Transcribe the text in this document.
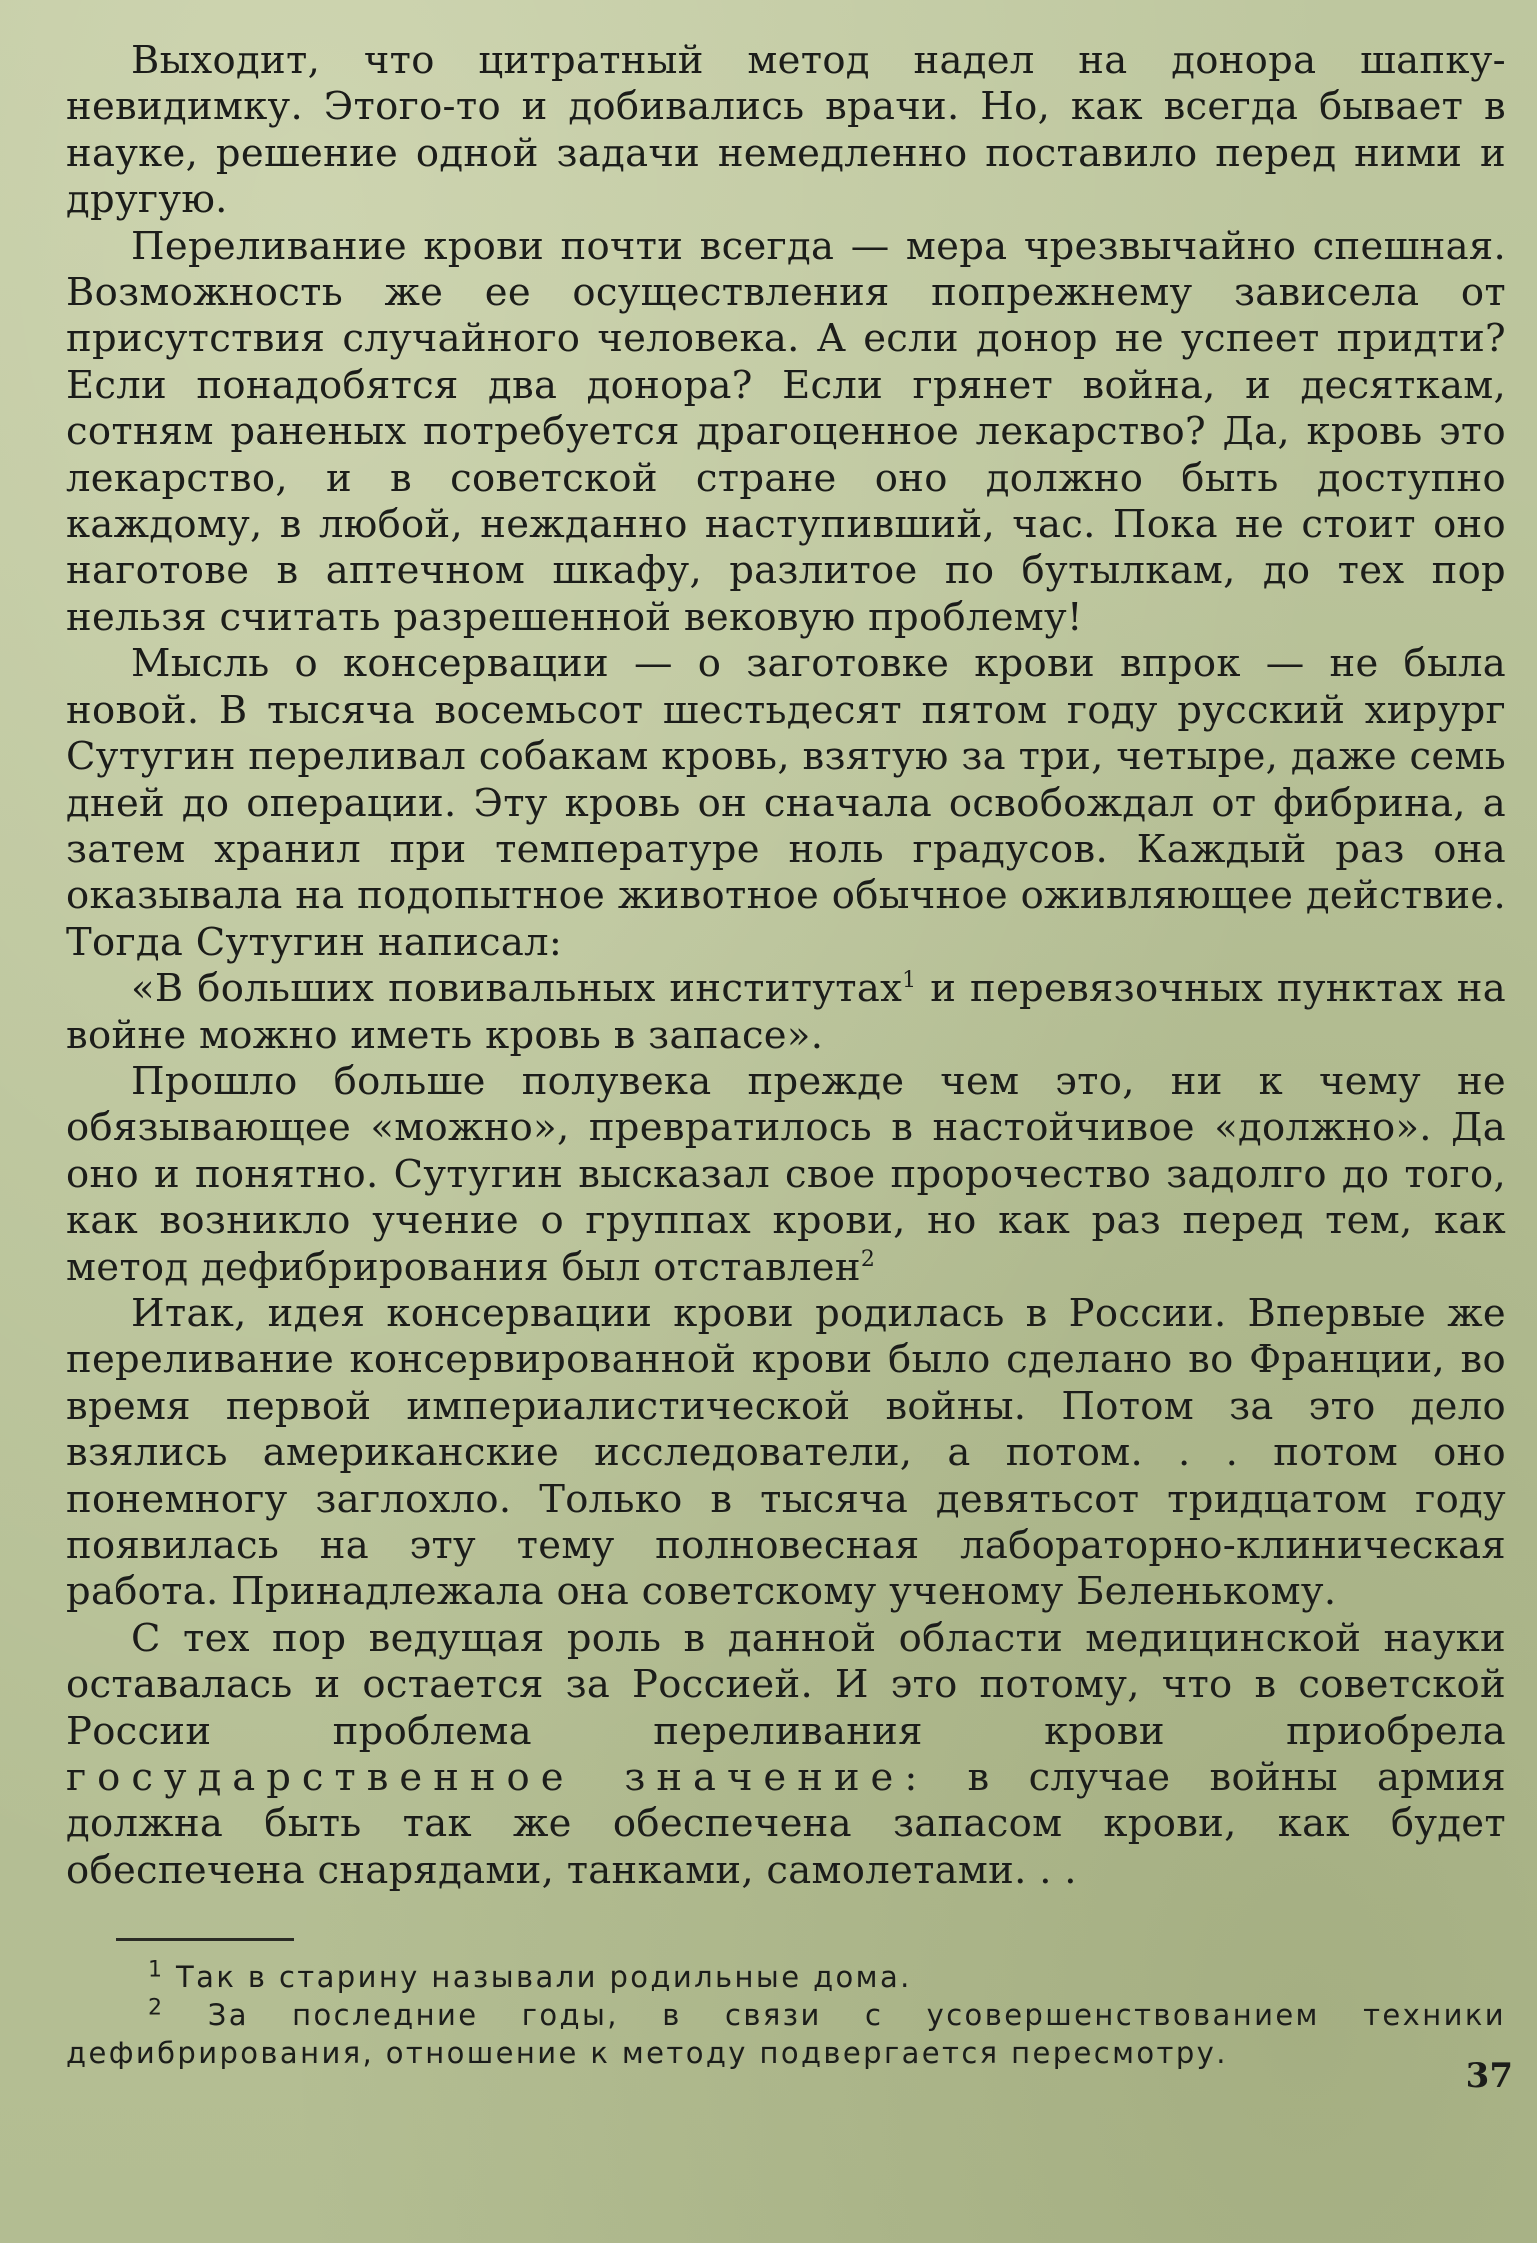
Выходит, что цитратный метод надел на донора шапку-невидимку. Этого-то и добивались врачи. Но, как всегда бывает в науке, решение одной задачи немедленно поставило перед ними и другую.

Переливание крови почти всегда — мера чрезвычайно спешная. Возможность же ее осуществления попрежнему зависела от присутствия случайного человека. А если донор не успеет придти? Если понадобятся два донора? Если грянет война, и десяткам, сотням раненых потребуется драгоценное лекарство? Да, кровь это лекарство, и в советской стране оно должно быть доступно каждому, в любой, нежданно наступивший, час. Пока не стоит оно наготове в аптечном шкафу, разлитое по бутылкам, до тех пор нельзя считать разрешенной вековую проблему!

Мысль о консервации — о заготовке крови впрок — не была новой. В тысяча восемьсот шестьдесят пятом году русский хирург Сутугин переливал собакам кровь, взятую за три, четыре, даже семь дней до операции. Эту кровь он сначала освобождал от фибрина, а затем хранил при температуре ноль градусов. Каждый раз она оказывала на подопытное животное обычное оживляющее действие. Тогда Сутугин написал:

«В больших повивальных институтах$^1$ и перевязочных пунктах на войне можно иметь кровь в запасе».

Прошло больше полувека прежде чем это, ни к чему не обязывающее «можно», превратилось в настойчивое «должно». Да оно и понятно. Сутугин высказал свое пророчество задолго до того, как возникло учение о группах крови, но как раз перед тем, как метод дефибрирования был отставлен$^2$

Итак, идея консервации крови родилась в России. Впервые же переливание консервированной крови было сделано во Франции, во время первой империалистической войны. Потом за это дело взялись американские исследователи, а потом. . . потом оно понемногу заглохло. Только в тысяча девятьсот тридцатом году появилась на эту тему полновесная лабораторно-клиническая работа. Принадлежала она советскому ученому Беленькому.

С тех пор ведущая роль в данной области медицинской науки оставалась и остается за Россией. И это потому, что в советской России проблема переливания крови приобрела государственное значение: в случае войны армия должна быть так же обеспечена запасом крови, как будет обеспечена снарядами, танками, самолетами. . .

$^1$ Так в старину называли родильные дома.

$^2$ За последние годы, в связи с усовершенствованием техники дефибрирования, отношение к методу подвергается пересмотру.

37
